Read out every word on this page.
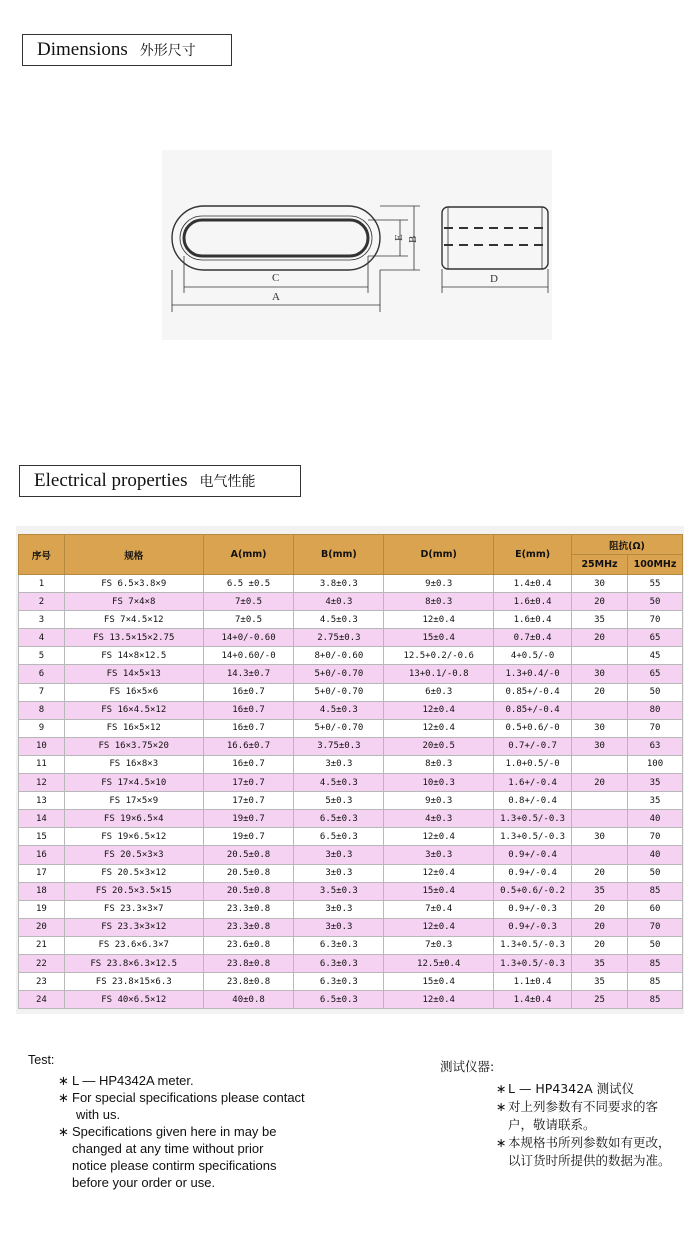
Dimensions 外形尺寸
C
A
E B
D
Electrical properties 电气性能
序号	规格	A(mm)	B(mm)	D(mm)	E(mm)	阻抗(Ω)	
						25MHz	100MHz
1	FS 6.5×3.8×9	6.5 ±0.5	3.8±0.3	9±0.3	1.4±0.4	30	55
2	FS 7×4×8	7±0.5	4±0.3	8±0.3	1.6±0.4	20	50
3	FS 7×4.5×12	7±0.5	4.5±0.3	12±0.4	1.6±0.4	35	70
4	FS 13.5×15×2.75	14+0/-0.60	2.75±0.3	15±0.4	0.7±0.4	20	65
5	FS 14×8×12.5	14+0.60/-0	8+0/-0.60	12.5+0.2/-0.6	4+0.5/-0		45
6	FS 14×5×13	14.3±0.7	5+0/-0.70	13+0.1/-0.8	1.3+0.4/-0	30	65
7	FS 16×5×6	16±0.7	5+0/-0.70	6±0.3	0.85+/-0.4	20	50
8	FS 16×4.5×12	16±0.7	4.5±0.3	12±0.4	0.85+/-0.4		80
9	FS 16×5×12	16±0.7	5+0/-0.70	12±0.4	0.5+0.6/-0	30	70
10	FS 16×3.75×20	16.6±0.7	3.75±0.3	20±0.5	0.7+/-0.7	30	63
11	FS 16×8×3	16±0.7	3±0.3	8±0.3	1.0+0.5/-0		100
12	FS 17×4.5×10	17±0.7	4.5±0.3	10±0.3	1.6+/-0.4	20	35
13	FS 17×5×9	17±0.7	5±0.3	9±0.3	0.8+/-0.4		35
14	FS 19×6.5×4	19±0.7	6.5±0.3	4±0.3	1.3+0.5/-0.3		40
15	FS 19×6.5×12	19±0.7	6.5±0.3	12±0.4	1.3+0.5/-0.3	30	70
16	FS 20.5×3×3	20.5±0.8	3±0.3	3±0.3	0.9+/-0.4		40
17	FS 20.5×3×12	20.5±0.8	3±0.3	12±0.4	0.9+/-0.4	20	50
18	FS 20.5×3.5×15	20.5±0.8	3.5±0.3	15±0.4	0.5+0.6/-0.2	35	85
19	FS 23.3×3×7	23.3±0.8	3±0.3	7±0.4	0.9+/-0.3	20	60
20	FS 23.3×3×12	23.3±0.8	3±0.3	12±0.4	0.9+/-0.3	20	70
21	FS 23.6×6.3×7	23.6±0.8	6.3±0.3	7±0.3	1.3+0.5/-0.3	20	50
22	FS 23.8×6.3×12.5	23.8±0.8	6.3±0.3	12.5±0.4	1.3+0.5/-0.3	35	85
23	FS 23.8×15×6.3	23.8±0.8	6.3±0.3	15±0.4	1.1±0.4	35	85
24	FS 40×6.5×12	40±0.8	6.5±0.3	12±0.4	1.4±0.4	25	85
Test:
∗ L — HP4342A meter.
∗ For special specifications please contact
with us.
∗ Specifications given here in may be
changed at any time without prior
notice please contirm specifications
before your order or use.
测试仪器:
∗ L — HP4342A 测试仪
∗ 对上列参数有不同要求的客
户，敬请联系。
∗ 本规格书所列参数如有更改，
以订货时所提供的数据为准。
